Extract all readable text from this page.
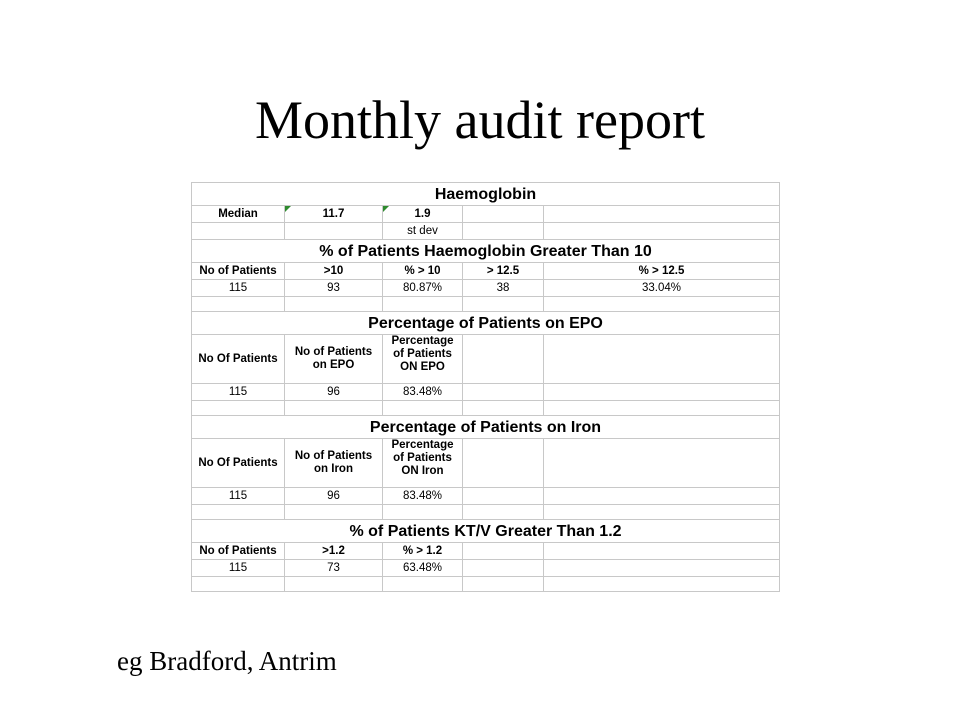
Monthly audit report
Haemoglobin				
Median	11.7	1.9		
		st dev		
% of Patients Haemoglobin Greater Than 10				
No of Patients	>10	% > 10	> 12.5	% > 12.5
115	93	80.87%	38	33.04%

Percentage of Patients on EPO				
No Of Patients	No of Patients on EPO	Percentage of Patients ON EPO		
115	96	83.48%		

Percentage of Patients on Iron				
No Of Patients	No of Patients on Iron	Percentage of Patients ON Iron		
115	96	83.48%		

% of Patients KT/V Greater Than 1.2				
No of Patients	>1.2	% > 1.2		
115	73	63.48%		

eg Bradford, Antrim
